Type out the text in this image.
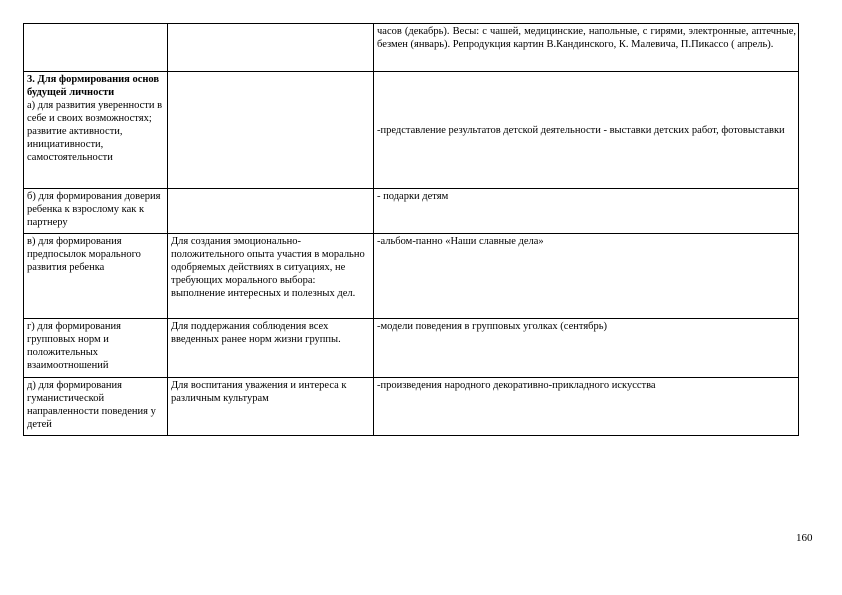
		часов (декабрь). Весы: с чашей, медицинские, напольные, с гирями, электронные, аптечные, безмен (январь). Репродукция картин В.Кандинского, К. Малевича, П.Пикассо ( апрель).

3. Для формирования основ будущей личности
а) для развития уверенности в себе и своих возможностях; развитие активности, инициативности, самостоятельности		-представление результатов детской деятельности - выставки детских работ, фотовыставки
б) для формирования доверия ребенка к взрослому как к партнеру		- подарки детям
в) для формирования предпосылок морального развития ребенка	Для создания эмоционально-положительного опыта участия в морально одобряемых действиях в ситуациях, не требующих морального выбора: выполнение интересных и полезных дел.	-альбом-панно «Наши славные дела»
г) для формирования групповых норм и положительных взаимоотношений	Для поддержания соблюдения всех введенных ранее норм жизни группы.	-модели поведения в групповых уголках (сентябрь)
д) для формирования гуманистической направленности поведения у детей	Для воспитания уважения и интереса к различным культурам	-произведения народного декоративно-прикладного искусства
160
